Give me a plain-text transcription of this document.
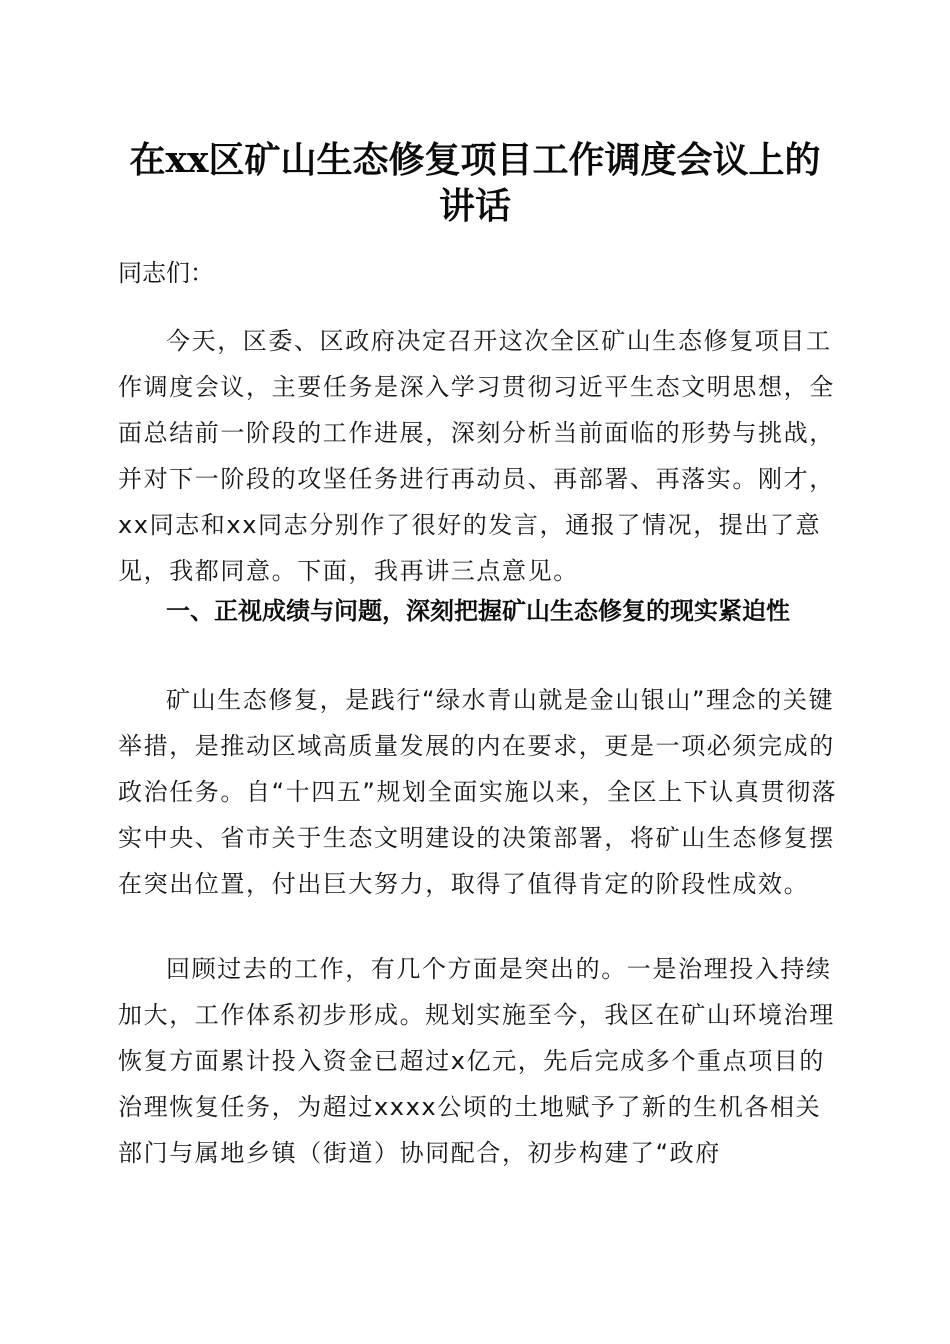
在xx区矿山生态修复项目工作调度会议上的
讲话

同志们：

今天，区委、区政府决定召开这次全区矿山生态修复项目工作调度会议，主要任务是深入学习贯彻习近平生态文明思想，全面总结前一阶段的工作进展，深刻分析当前面临的形势与挑战，并对下一阶段的攻坚任务进行再动员、再部署、再落实。刚才，xx同志和xx同志分别作了很好的发言，通报了情况，提出了意见，我都同意。下面，我再讲三点意见。

一、正视成绩与问题，深刻把握矿山生态修复的现实紧迫性

矿山生态修复，是践行“绿水青山就是金山银山”理念的关键举措，是推动区域高质量发展的内在要求，更是一项必须完成的政治任务。自“十四五”规划全面实施以来，全区上下认真贯彻落实中央、省市关于生态文明建设的决策部署，将矿山生态修复摆在突出位置，付出巨大努力，取得了值得肯定的阶段性成效。

回顾过去的工作，有几个方面是突出的。一是治理投入持续加大，工作体系初步形成。规划实施至今，我区在矿山环境治理恢复方面累计投入资金已超过x亿元，先后完成多个重点项目的治理恢复任务，为超过xxxx公顷的土地赋予了新的生机各相关部门与属地乡镇（街道）协同配合，初步构建了“政府
